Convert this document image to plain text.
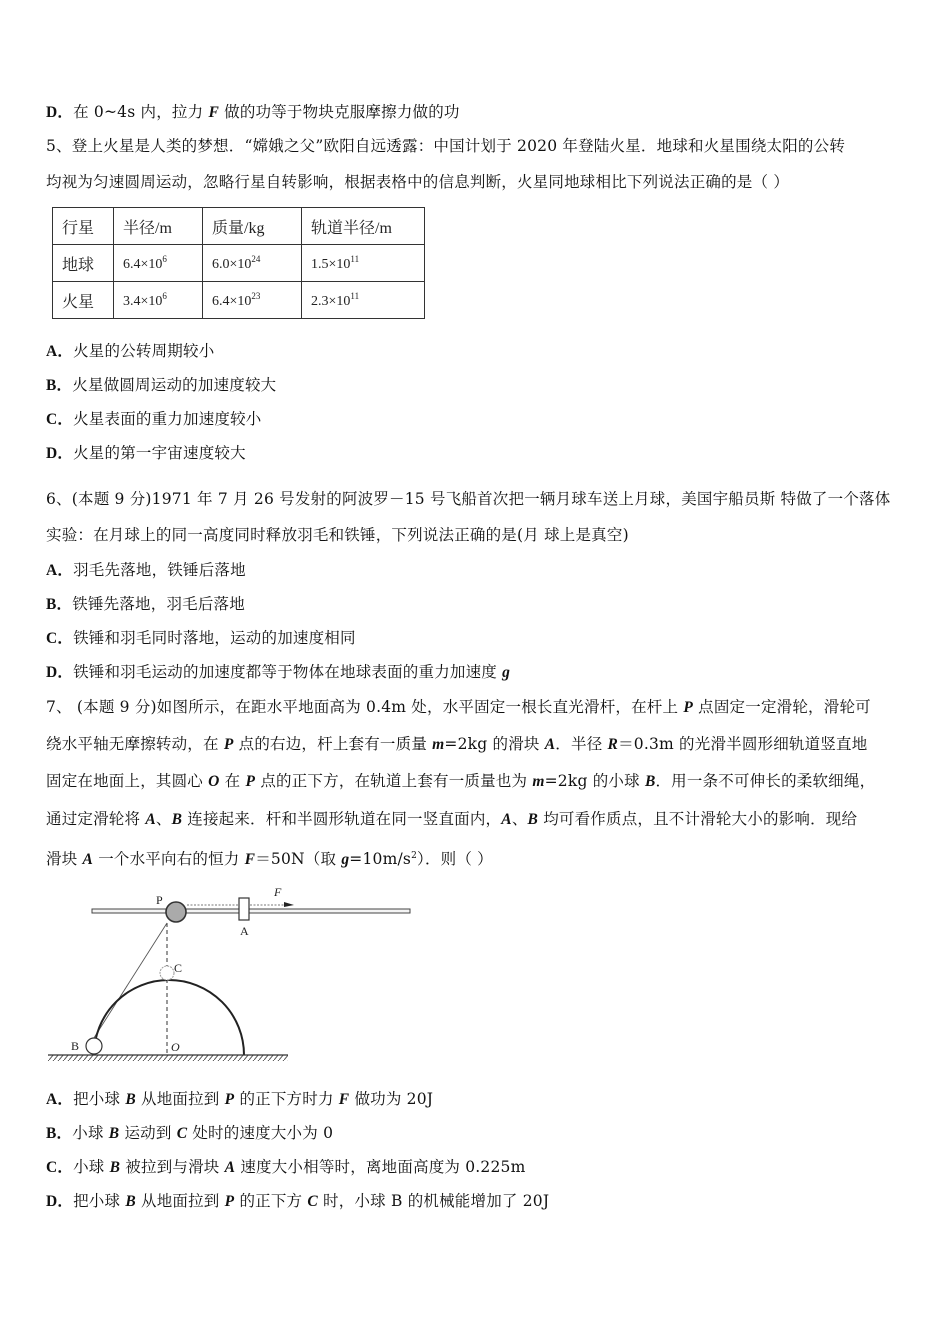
D．在 0~4s 内，拉力 F 做的功等于物块克服摩擦力做的功
5、登上火星是人类的梦想．“嫦娥之父”欧阳自远透露：中国计划于 2020 年登陆火星．地球和火星围绕太阳的公转
均视为匀速圆周运动，忽略行星自转影响，根据表格中的信息判断，火星同地球相比下列说法正确的是（ ）
行星	半径/m	质量/kg	轨道半径/m
地球	$6.4\times 10^6$	$6.0\times 10^{24}$	$1.5\times 10^{11}$
火星	$3.4\times 10^6$	$6.4\times 10^{23}$	$2.3\times 10^{11}$
A．火星的公转周期较小
B．火星做圆周运动的加速度较大
C．火星表面的重力加速度较小
D．火星的第一宇宙速度较大
6、(本题 9 分)1971 年 7 月 26 号发射的阿波罗－15 号飞船首次把一辆月球车送上月球，美国宇船员斯 特做了一个落体
实验：在月球上的同一高度同时释放羽毛和铁锤，下列说法正确的是(月 球上是真空)
A．羽毛先落地，铁锤后落地
B．铁锤先落地，羽毛后落地
C．铁锤和羽毛同时落地，运动的加速度相同
D．铁锤和羽毛运动的加速度都等于物体在地球表面的重力加速度 g
7、 (本题 9 分)如图所示，在距水平地面高为 0.4m 处，水平固定一根长直光滑杆，在杆上 P 点固定一定滑轮，滑轮可
绕水平轴无摩擦转动，在 P 点的右边，杆上套有一质量 m=2kg 的滑块 A．半径 R＝0.3m 的光滑半圆形细轨道竖直地
固定在地面上，其圆心 O 在 P 点的正下方，在轨道上套有一质量也为 m=2kg 的小球 B．用一条不可伸长的柔软细绳，
通过定滑轮将 A、B 连接起来．杆和半圆形轨道在同一竖直面内，A、B 均可看作质点，且不计滑轮大小的影响．现给
滑块 A 一个水平向右的恒力 F＝50N（取 $g=10m/s^2$）．则（ ）
P
A
F
C
B	O
A．把小球 B 从地面拉到 P 的正下方时力 F 做功为 20J
B．小球 B 运动到 C 处时的速度大小为 0
C．小球 B 被拉到与滑块 A 速度大小相等时，离地面高度为 0.225m
D．把小球 B 从地面拉到 P 的正下方 C 时，小球 B 的机械能增加了 20J
